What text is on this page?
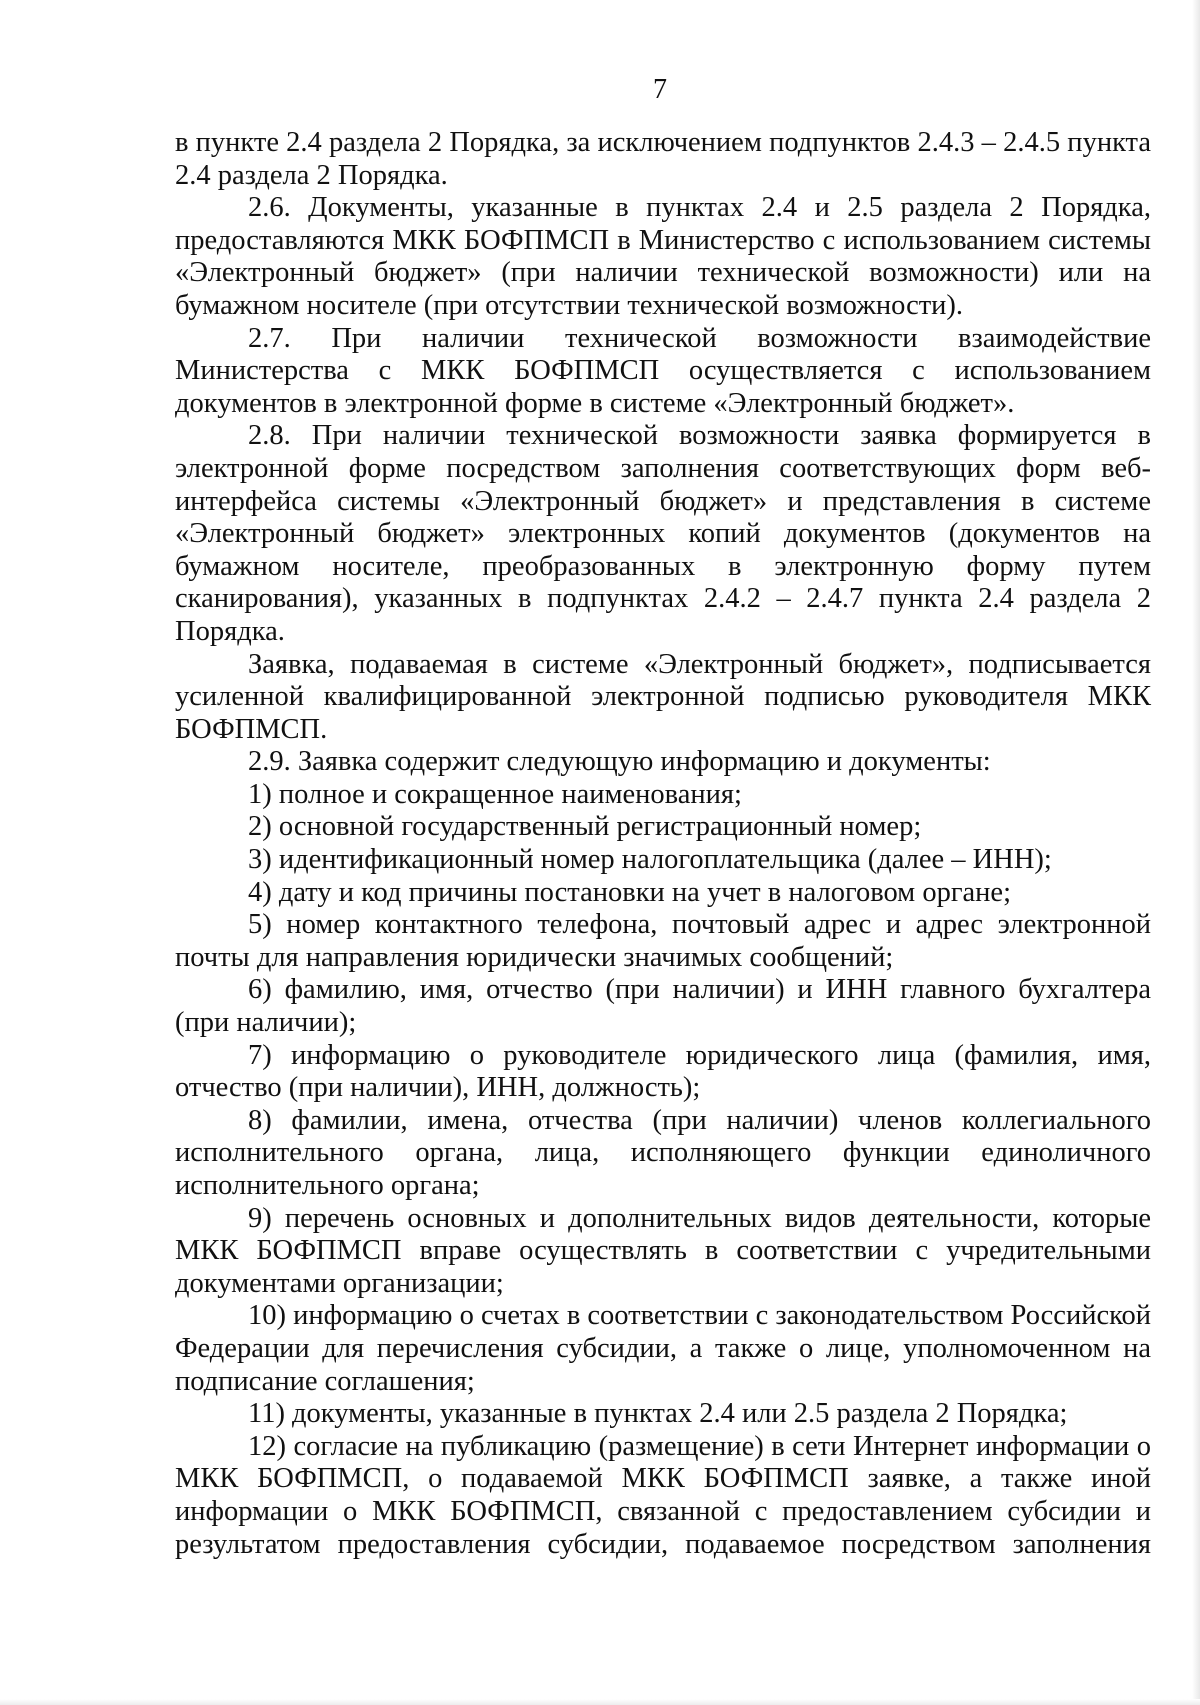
7

в пункте 2.4 раздела 2 Порядка, за исключением подпунктов 2.4.3 – 2.4.5 пункта 2.4 раздела 2 Порядка.

2.6. Документы, указанные в пунктах 2.4 и 2.5 раздела 2 Порядка, предоставляются МКК БОФПМСП в Министерство с использованием системы «Электронный бюджет» (при наличии технической возможности) или на бумажном носителе (при отсутствии технической возможности).

2.7. При наличии технической возможности взаимодействие Министерства с МКК БОФПМСП осуществляется с использованием документов в электронной форме в системе «Электронный бюджет».

2.8. При наличии технической возможности заявка формируется в электронной форме посредством заполнения соответствующих форм веб-интерфейса системы «Электронный бюджет» и представления в системе «Электронный бюджет» электронных копий документов (документов на бумажном носителе, преобразованных в электронную форму путем сканирования), указанных в подпунктах 2.4.2 – 2.4.7 пункта 2.4 раздела 2 Порядка.

Заявка, подаваемая в системе «Электронный бюджет», подписывается усиленной квалифицированной электронной подписью руководителя МКК БОФПМСП.

2.9. Заявка содержит следующую информацию и документы:

1) полное и сокращенное наименования;

2) основной государственный регистрационный номер;

3) идентификационный номер налогоплательщика (далее – ИНН);

4) дату и код причины постановки на учет в налоговом органе;

5) номер контактного телефона, почтовый адрес и адрес электронной почты для направления юридически значимых сообщений;

6) фамилию, имя, отчество (при наличии) и ИНН главного бухгалтера (при наличии);

7) информацию о руководителе юридического лица (фамилия, имя, отчество (при наличии), ИНН, должность);

8) фамилии, имена, отчества (при наличии) членов коллегиального исполнительного органа, лица, исполняющего функции единоличного исполнительного органа;

9) перечень основных и дополнительных видов деятельности, которые МКК БОФПМСП вправе осуществлять в соответствии с учредительными документами организации;

10) информацию о счетах в соответствии с законодательством Российской Федерации для перечисления субсидии, а также о лице, уполномоченном на подписание соглашения;

11) документы, указанные в пунктах 2.4 или 2.5 раздела 2 Порядка;

12) согласие на публикацию (размещение) в сети Интернет информации о МКК БОФПМСП, о подаваемой МКК БОФПМСП заявке, а также иной информации о МКК БОФПМСП, связанной с предоставлением субсидии и результатом предоставления субсидии, подаваемое посредством заполнения
